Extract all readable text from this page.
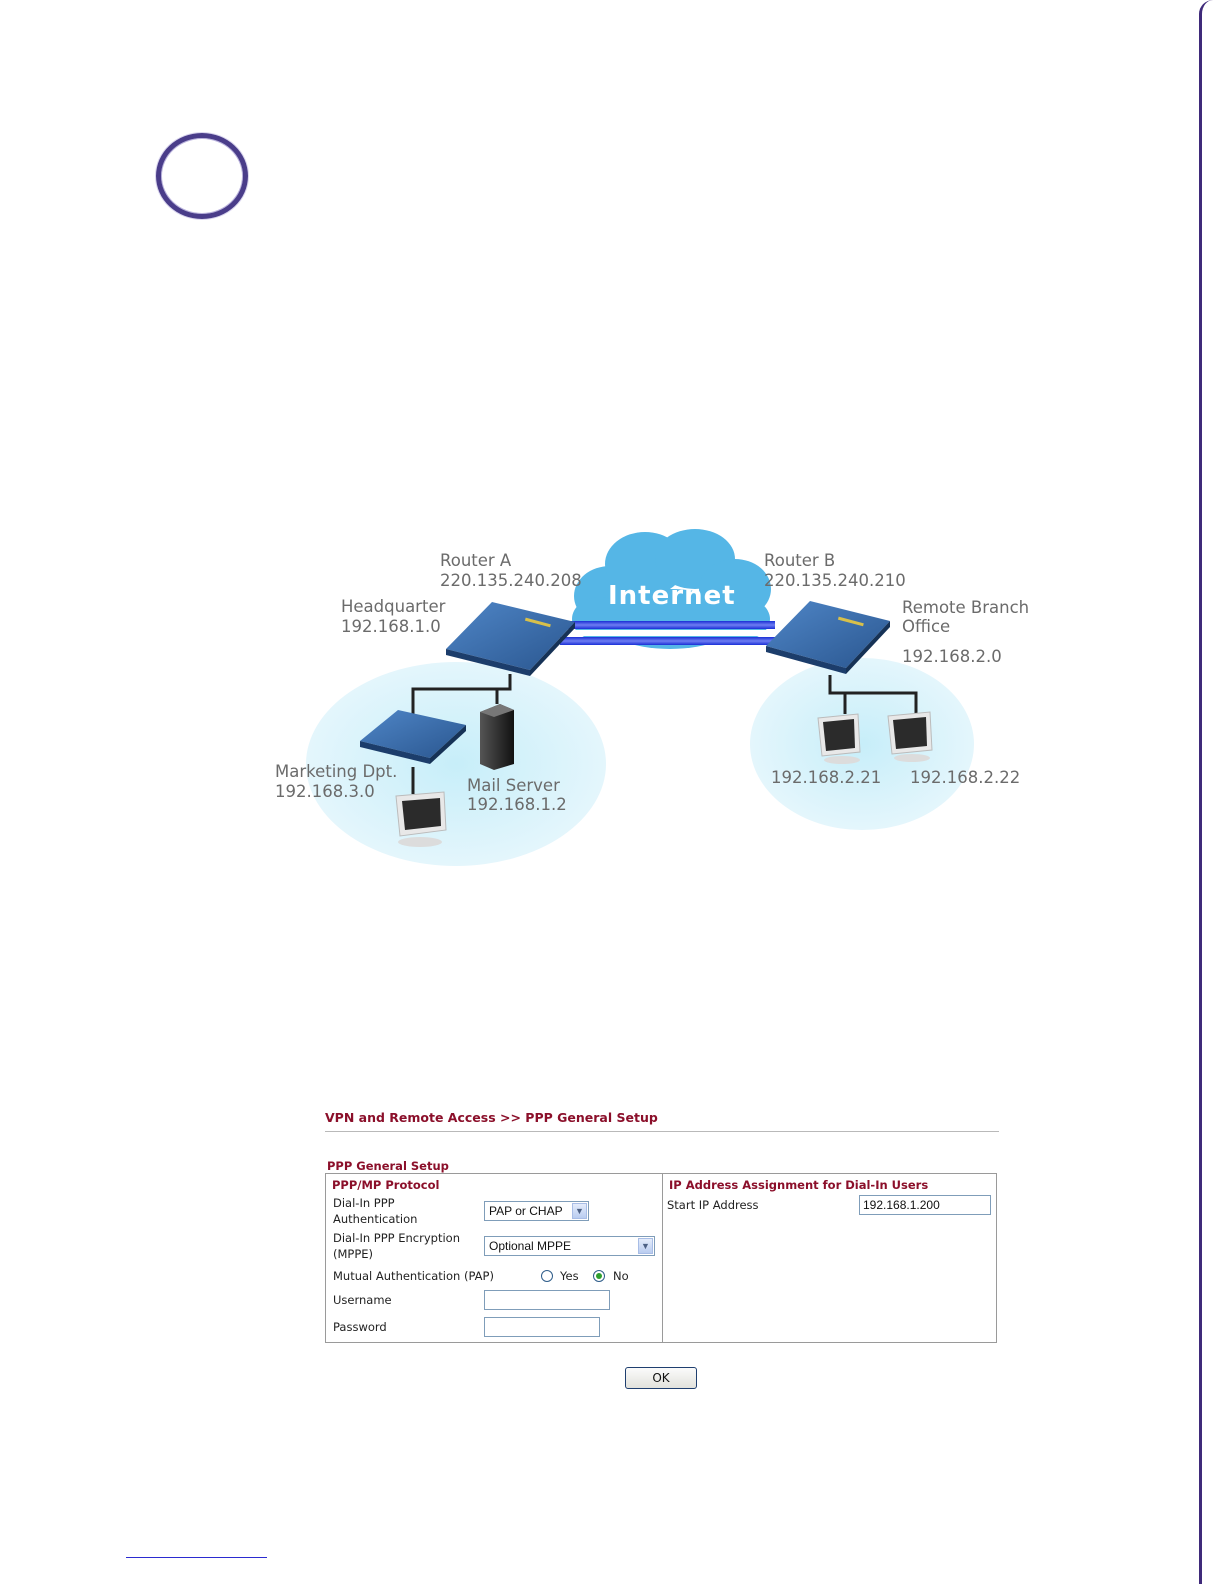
Internet
Router A
220.135.240.208
Router B
220.135.240.210
Headquarter
192.168.1.0
Remote Branch
Office
192.168.2.0
Marketing Dpt.
192.168.3.0	Mail Server
192.168.1.2
192.168.2.21 192.168.2.22
VPN and Remote Access >> PPP General Setup
PPP General Setup
PPP/MP Protocol
Dial-In PPP
Authentication
PAP or CHAP	▼
Dial-In PPP Encryption
(MPPE)
Optional MPPE	▼
Mutual Authentication (PAP)	Yes	No
Username
Password
IP Address Assignment for Dial-In Users
Start IP Address	192.168.1.200
OK
